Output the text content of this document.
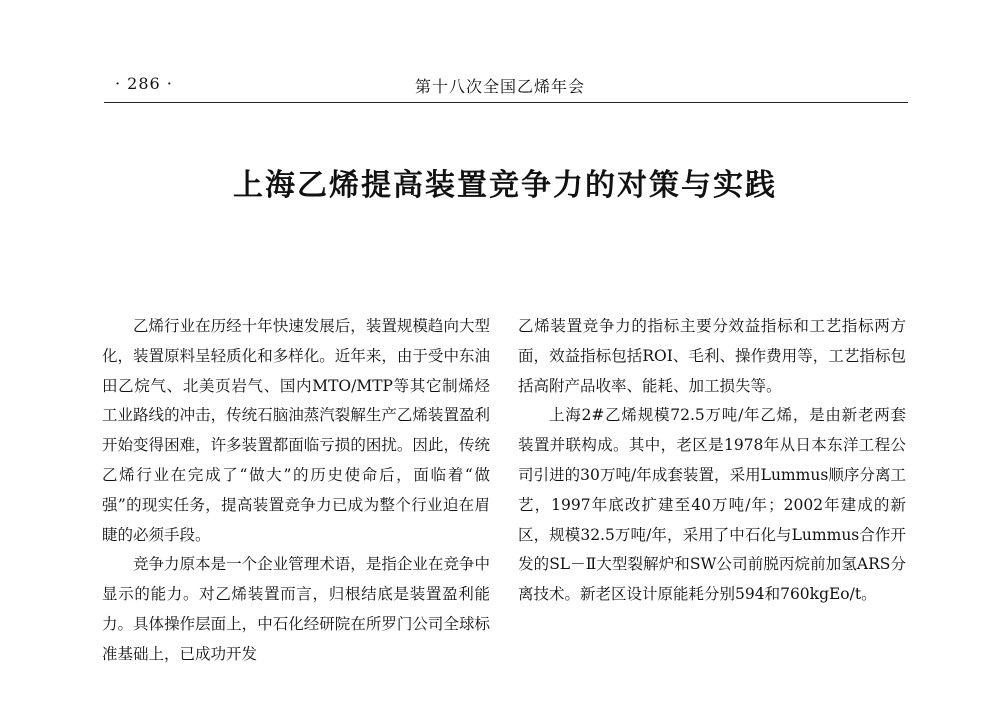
· 286 ·	第十八次全国乙烯年会
上海乙烯提高装置竞争力的对策与实践

乙烯行业在历经十年快速发展后，装置规模趋向大型化，装置原料呈轻质化和多样化。近年来，由于受中东油田乙烷气、北美页岩气、国内MTO/MTP等其它制烯烃工业路线的冲击，传统石脑油蒸汽裂解生产乙烯装置盈利开始变得困难，许多装置都面临亏损的困扰。因此，传统乙烯行业在完成了“做大”的历史使命后，面临着“做强”的现实任务，提高装置竞争力已成为整个行业迫在眉睫的必须手段。

竞争力原本是一个企业管理术语，是指企业在竞争中显示的能力。对乙烯装置而言，归根结底是装置盈利能力。具体操作层面上，中石化经研院在所罗门公司全球标准基础上，已成功开发

乙烯装置竞争力的指标主要分效益指标和工艺指标两方面，效益指标包括ROI、毛利、操作费用等，工艺指标包括高附产品收率、能耗、加工损失等。

上海2#乙烯规模72.5万吨/年乙烯，是由新老两套装置并联构成。其中，老区是1978年从日本东洋工程公司引进的30万吨/年成套装置，采用Lummus顺序分离工艺，1997年底改扩建至40万吨/年；2002年建成的新区，规模32.5万吨/年，采用了中石化与Lummus合作开发的SL－Ⅱ大型裂解炉和SW公司前脱丙烷前加氢ARS分离技术。新老区设计原能耗分别594和760kgEo/t。
